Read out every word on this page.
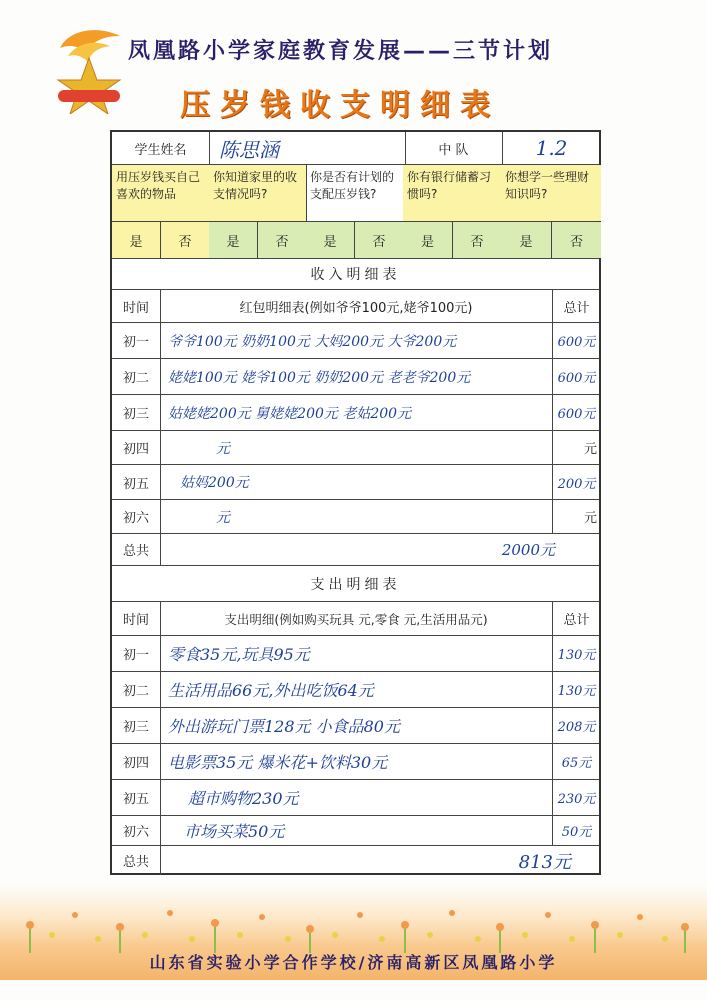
凤凰路小学家庭教育发展——三节计划
压岁钱收支明细表
学生姓名	陈思涵	中 队	1.2
用压岁钱买自己喜欢的物品
你知道家里的收支情况吗?
你是否有计划的支配压岁钱?
你有银行储蓄习惯吗?
你想学一些理财知识吗?
是	否	是	否	是	否	是	否	是	否
收入明细表
时间	红包明细表(例如爷爷100元,姥爷100元)	总计
初一	爷爷100元 奶奶100元 大妈200元 大爷200元	600元
初二	姥姥100元 姥爷100元 奶奶200元 老老爷200元	600元
初三	姑姥姥200元 舅姥姥200元 老姑200元	600元
初四	元	元
初五	姑妈200元	200元
初六	元	元
总共	2000元
支出明细表
时间	支出明细(例如购买玩具 元,零食 元,生活用品元)	总计
初一	零食35元,玩具95元	130元
初二	生活用品66元,外出吃饭64元	130元
初三	外出游玩门票128元 小食品80元	208元
初四	电影票35元 爆米花+饮料30元	65元
初五	超市购物230元	230元
初六	市场买菜50元	50元
总共	813元
山东省实验小学合作学校/济南高新区凤凰路小学
